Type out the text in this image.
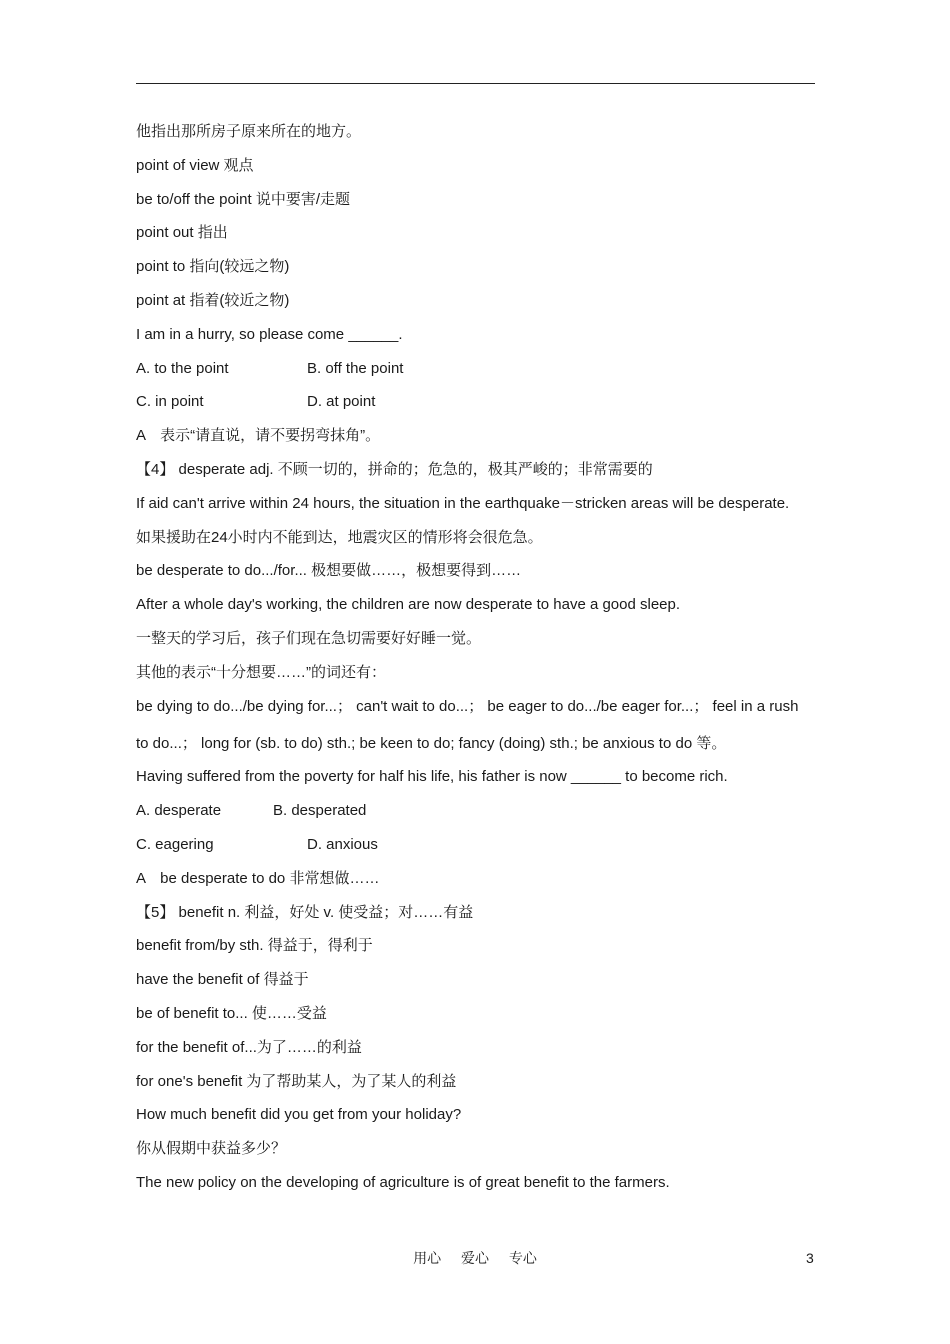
他指出那所房子原来所在的地方。
point of view 观点
be to/off the point 说中要害/走题
point out 指出
point to 指向(较远之物)
point at 指着(较近之物)
I am in a hurry, so please come ______.
A. to the point	B. off the point
C. in point	D. at point
A　表示“请直说，请不要拐弯抹角”。
【4】 desperate adj. 不顾一切的，拼命的；危急的，极其严峻的；非常需要的
If aid can't arrive within 24 hours, the situation in the earthquake－stricken areas will be desperate.
如果援助在24小时内不能到达，地震灾区的情形将会很危急。
be desperate to do.../for... 极想要做……，极想要得到……
After a whole day's working, the children are now desperate to have a good sleep.
一整天的学习后，孩子们现在急切需要好好睡一觉。
其他的表示“十分想要……”的词还有：
be dying to do.../be dying for...； can't wait to do...； be eager to do.../be eager for...； feel in a rush
to do...； long for (sb. to do) sth.; be keen to do; fancy (doing) sth.; be anxious to do 等。
Having suffered from the poverty for half his life, his father is now ______ to become rich.
A. desperate	B. desperated
C. eagering	D. anxious
A　be desperate to do 非常想做……
【5】 benefit n. 利益，好处 v. 使受益；对……有益
benefit from/by sth. 得益于，得利于
have the benefit of 得益于
be of benefit to... 使……受益
for the benefit of...为了……的利益
for one's benefit 为了帮助某人，为了某人的利益
How much benefit did you get from your holiday?
你从假期中获益多少？
The new policy on the developing of agriculture is of great benefit to the farmers.
用心 爱心 专心	3
